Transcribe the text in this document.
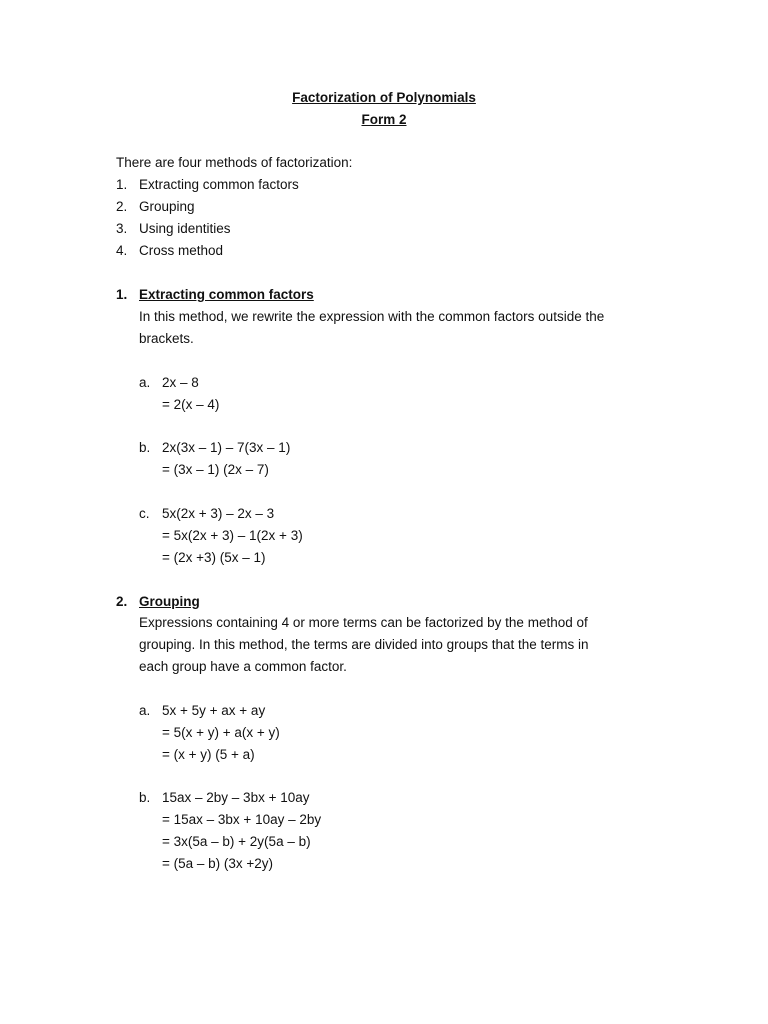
Factorization of Polynomials
Form 2
There are four methods of factorization:
1. Extracting common factors
2. Grouping
3. Using identities
4. Cross method
1. Extracting common factors
In this method, we rewrite the expression with the common factors outside the
brackets.
a. 2x – 8
= 2(x – 4)
b. 2x(3x – 1) – 7(3x – 1)
= (3x – 1) (2x – 7)
c. 5x(2x + 3) – 2x – 3
= 5x(2x + 3) – 1(2x + 3)
= (2x +3) (5x – 1)
2. Grouping
Expressions containing 4 or more terms can be factorized by the method of
grouping. In this method, the terms are divided into groups that the terms in
each group have a common factor.
a. 5x + 5y + ax + ay
= 5(x + y) + a(x + y)
= (x + y) (5 + a)
b. 15ax – 2by – 3bx + 10ay
= 15ax – 3bx + 10ay – 2by
= 3x(5a – b) + 2y(5a – b)
= (5a – b) (3x +2y)
